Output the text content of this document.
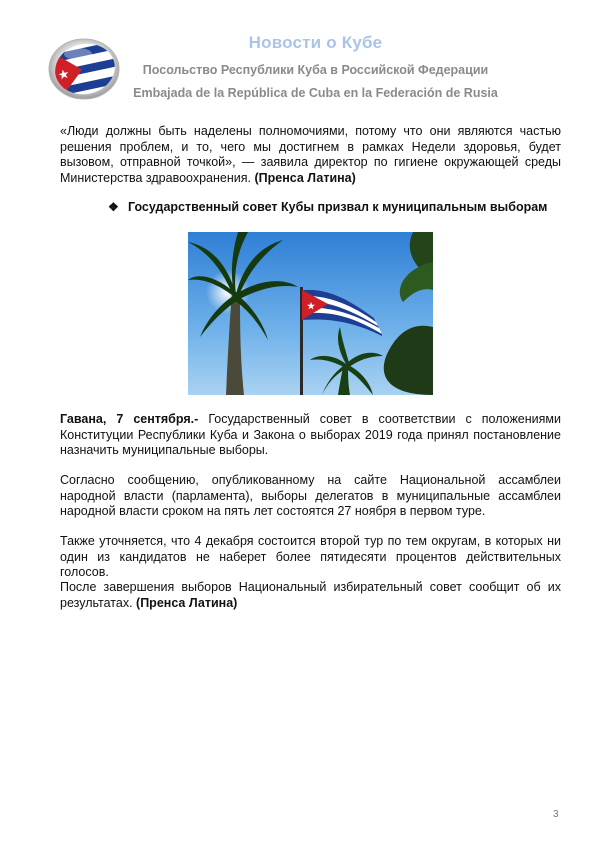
Новости о Кубе
Посольство Республики Куба в Российской Федерации
Embajada de la República de Cuba en la Federación de Rusia
«Люди должны быть наделены полномочиями, потому что они являются частью решения проблем, и то, чего мы достигнем в рамках Недели здоровья, будет вызовом, отправной точкой», — заявила директор по гигиене окружающей среды Министерства здравоохранения. (Пренса Латина)
❖ Государственный совет Кубы призвал к муниципальным выборам
Гавана, 7 сентября.- Государственный совет в соответствии с положениями Конституции Республики Куба и Закона о выборах 2019 года принял постановление назначить муниципальные выборы.
Согласно сообщению, опубликованному на сайте Национальной ассамблеи народной власти (парламента), выборы делегатов в муниципальные ассамблеи народной власти сроком на пять лет состоятся 27 ноября в первом туре.
Также уточняется, что 4 декабря состоится второй тур по тем округам, в которых ни один из кандидатов не наберет более пятидесяти процентов действительных голосов.
После завершения выборов Национальный избирательный совет сообщит об их результатах. (Пренса Латина)
3
